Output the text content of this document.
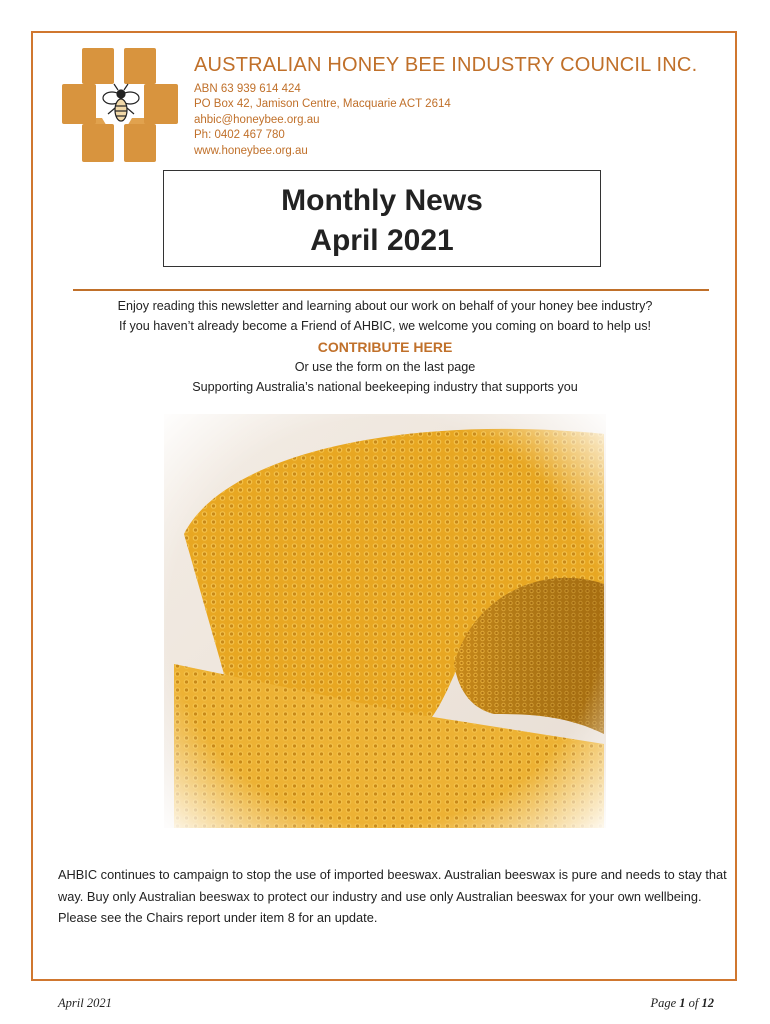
AUSTRALIAN HONEY BEE INDUSTRY COUNCIL INC.
ABN 63 939 614 424
PO Box 42, Jamison Centre, Macquarie ACT 2614
ahbic@honeybee.org.au
Ph: 0402 467 780
www.honeybee.org.au
Monthly News
April 2021
Enjoy reading this newsletter and learning about our work on behalf of your honey bee industry?
If you haven’t already become a Friend of AHBIC, we welcome you coming on board to help us!
CONTRIBUTE HERE
Or use the form on the last page
Supporting Australia’s national beekeeping industry that supports you
AHBIC continues to campaign to stop the use of imported beeswax. Australian beeswax is pure and needs to stay that way. Buy only Australian beeswax to protect our industry and use only Australian beeswax for your own wellbeing. Please see the Chairs report under item 8 for an update.
April 2021	Page 1 of 12
